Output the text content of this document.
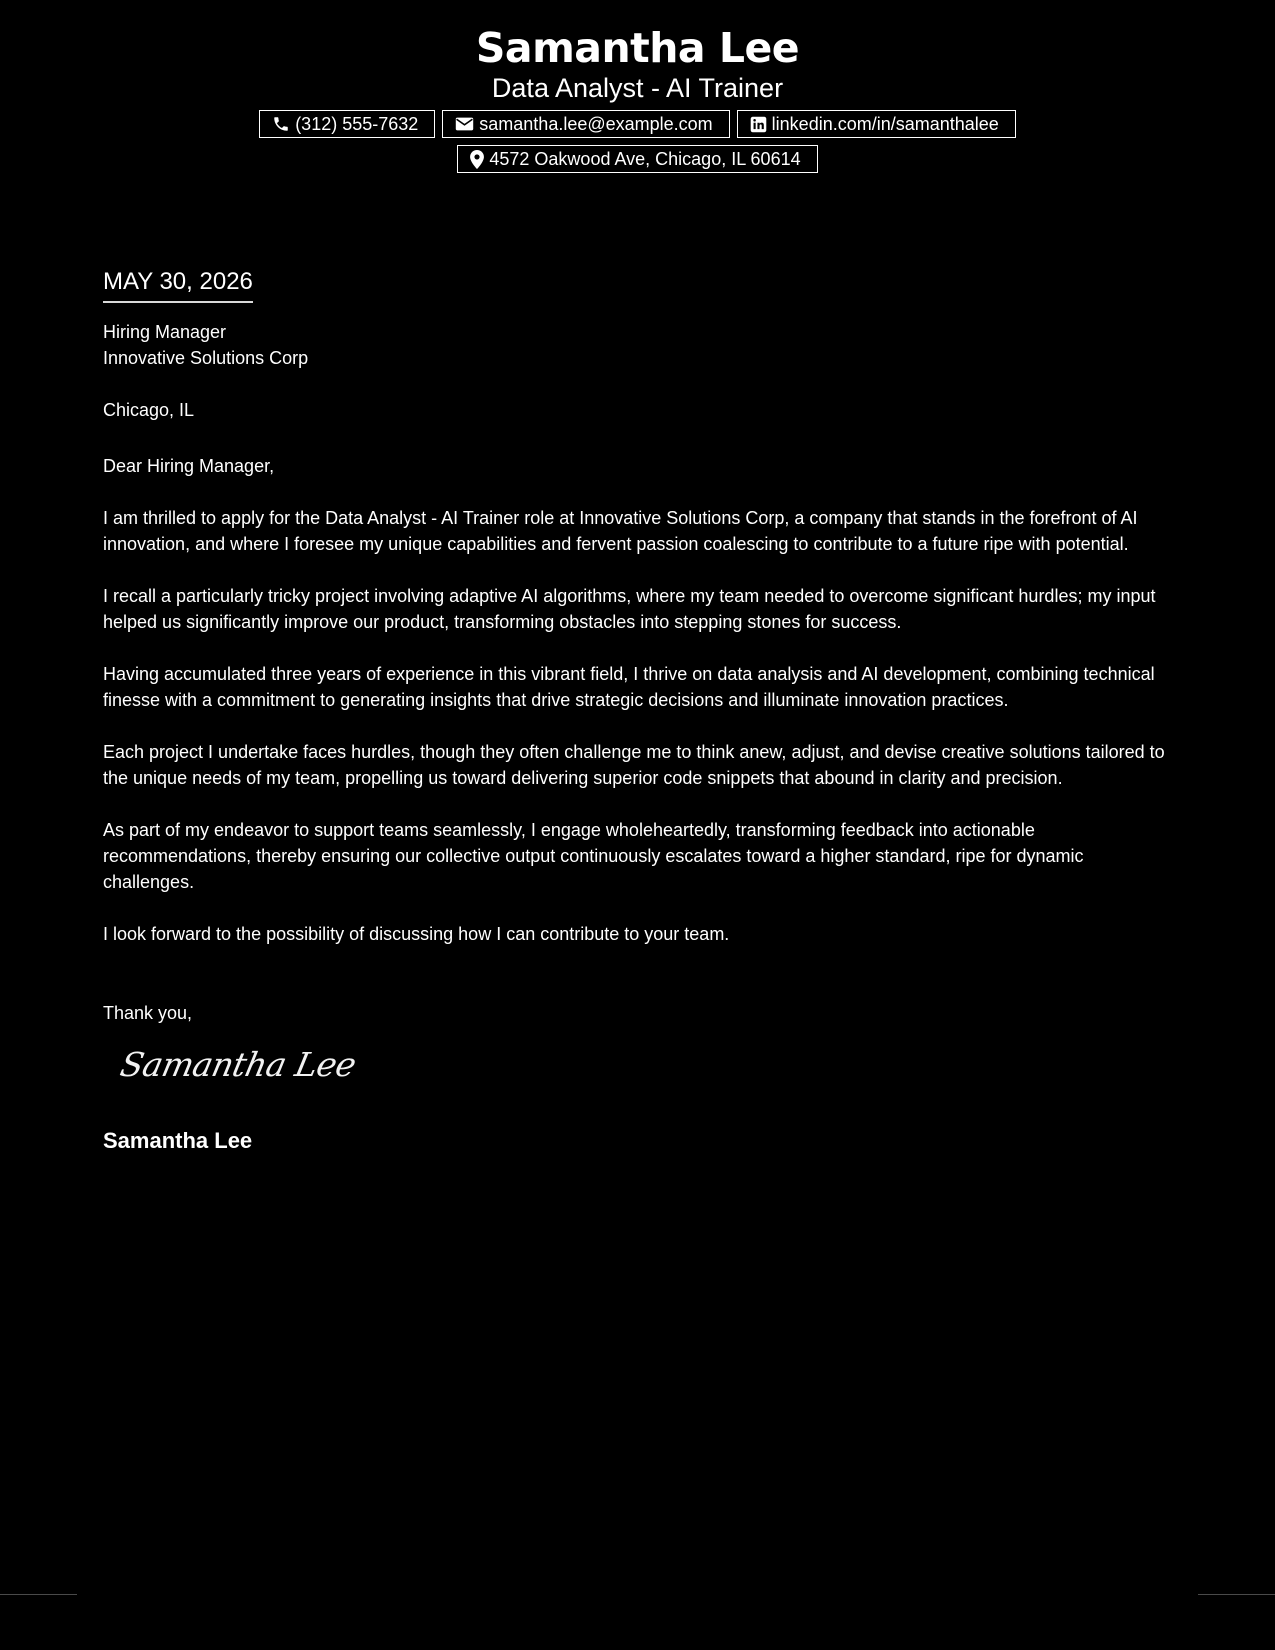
Samantha Lee
Data Analyst - AI Trainer
(312) 555-7632	samantha.lee@example.com	linkedin.com/in/samanthalee
4572 Oakwood Ave, Chicago, IL 60614
MAY 30, 2026
Hiring Manager
Innovative Solutions Corp
Chicago, IL
Dear Hiring Manager,
I am thrilled to apply for the Data Analyst - AI Trainer role at Innovative Solutions Corp, a company that stands in the forefront of AI innovation, and where I foresee my unique capabilities and fervent passion coalescing to contribute to a future ripe with potential.
I recall a particularly tricky project involving adaptive AI algorithms, where my team needed to overcome significant hurdles; my input helped us significantly improve our product, transforming obstacles into stepping stones for success.
Having accumulated three years of experience in this vibrant field, I thrive on data analysis and AI development, combining technical finesse with a commitment to generating insights that drive strategic decisions and illuminate innovation practices.
Each project I undertake faces hurdles, though they often challenge me to think anew, adjust, and devise creative solutions tailored to the unique needs of my team, propelling us toward delivering superior code snippets that abound in clarity and precision.
As part of my endeavor to support teams seamlessly, I engage wholeheartedly, transforming feedback into actionable recommendations, thereby ensuring our collective output continuously escalates toward a higher standard, ripe for dynamic challenges.
I look forward to the possibility of discussing how I can contribute to your team.
Thank you,
Samantha Lee
Samantha Lee
